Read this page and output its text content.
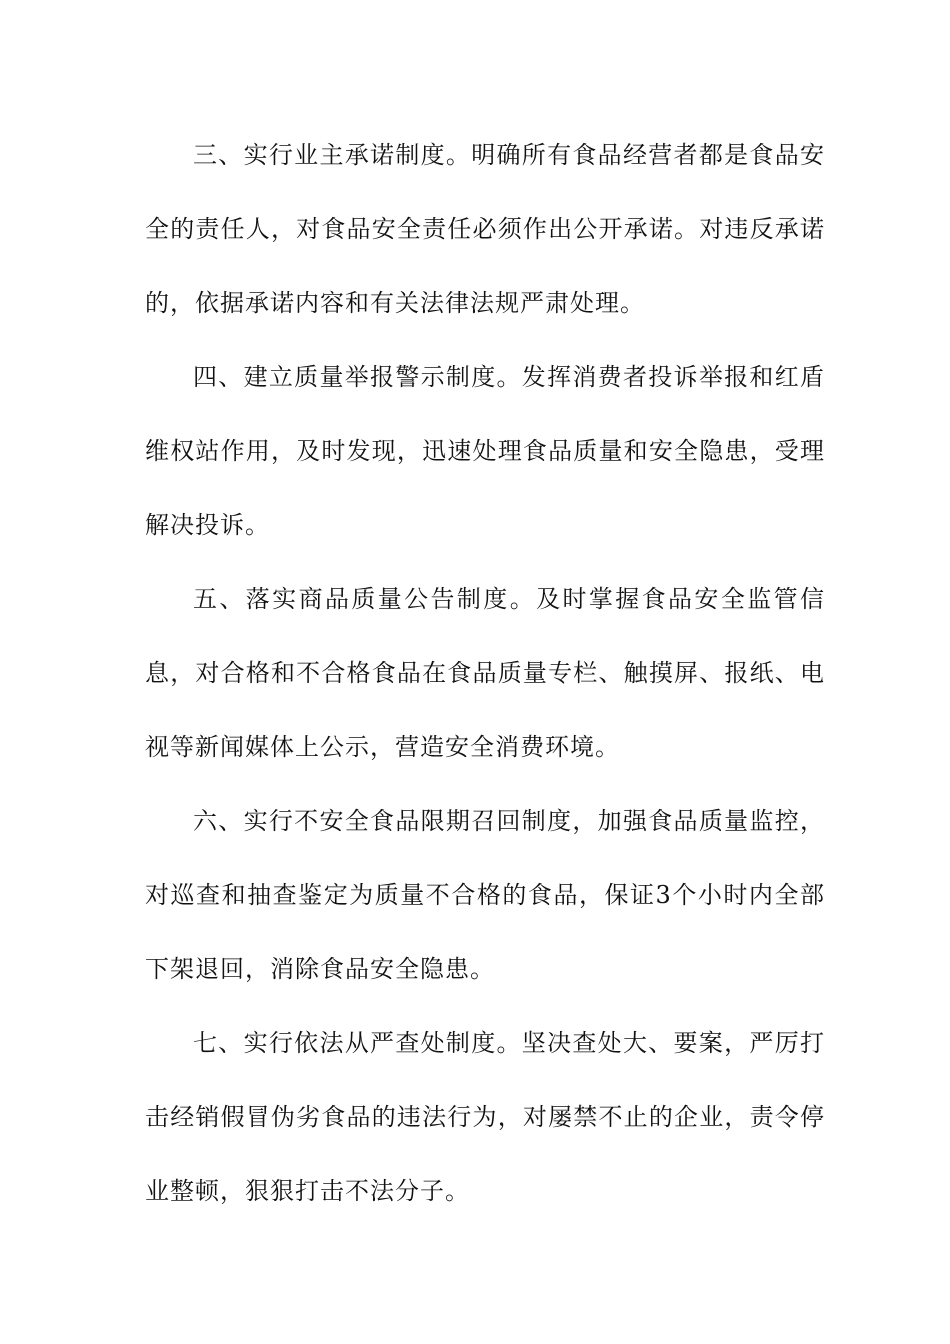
三、实行业主承诺制度。明确所有食品经营者都是食品安全的责任人，对食品安全责任必须作出公开承诺。对违反承诺的，依据承诺内容和有关法律法规严肃处理。

四、建立质量举报警示制度。发挥消费者投诉举报和红盾维权站作用，及时发现，迅速处理食品质量和安全隐患，受理解决投诉。

五、落实商品质量公告制度。及时掌握食品安全监管信息，对合格和不合格食品在食品质量专栏、触摸屏、报纸、电视等新闻媒体上公示，营造安全消费环境。

六、实行不安全食品限期召回制度，加强食品质量监控，对巡查和抽查鉴定为质量不合格的食品，保证3个小时内全部下架退回，消除食品安全隐患。

七、实行依法从严查处制度。坚决查处大、要案，严厉打击经销假冒伪劣食品的违法行为，对屡禁不止的企业，责令停业整顿，狠狠打击不法分子。
